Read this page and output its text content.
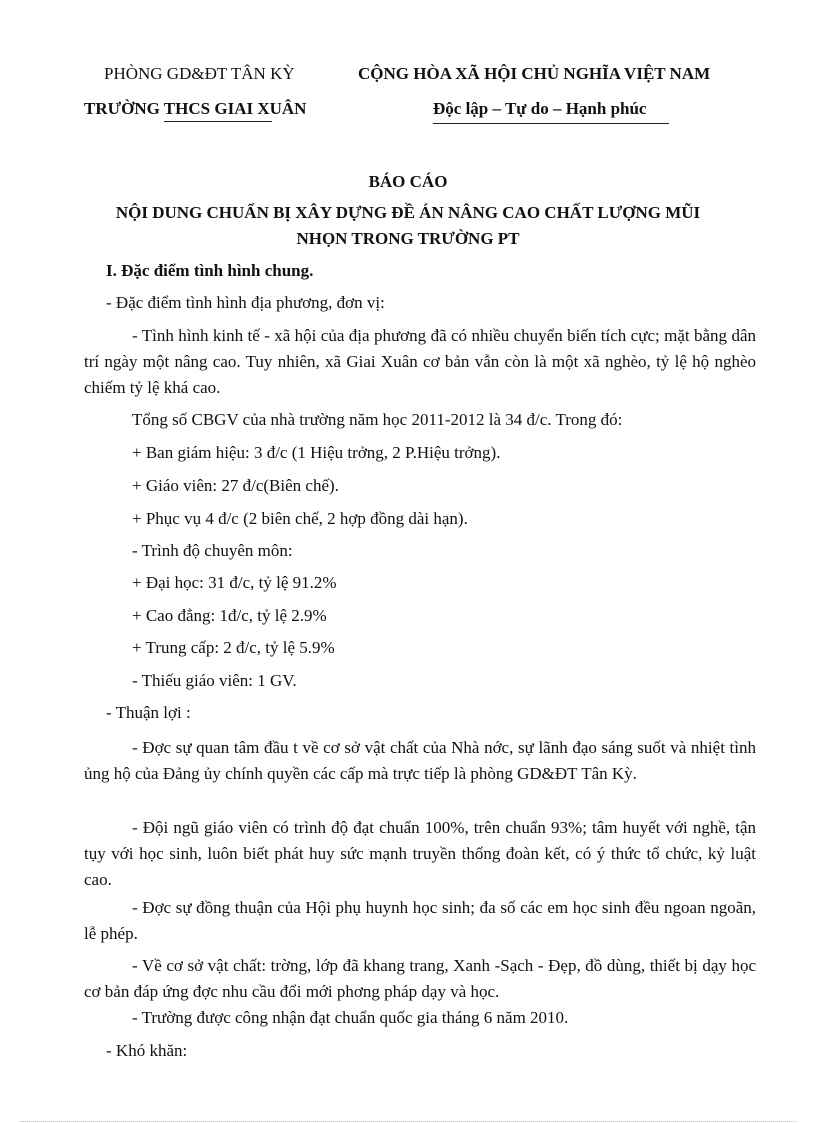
PHÒNG GD&ĐT TÂN KỲ
TRƯỜNG THCS GIAI XUÂN
CỘNG HÒA XÃ HỘI CHỦ NGHĨA VIỆT NAM
Độc lập – Tự do – Hạnh phúc
BÁO CÁO
NỘI DUNG CHUẨN BỊ XÂY DỰNG ĐỀ ÁN NÂNG CAO CHẤT LƯỢNG MŨI
NHỌN TRONG TRƯỜNG PT
I. Đặc điểm tình hình chung.
- Đặc điểm tình hình địa phương, đơn vị:
- Tình hình kinh tế - xã hội của địa phương đã có nhiều chuyển biến tích cực; mặt bằng dân trí ngày một nâng cao. Tuy nhiên, xã Giai Xuân cơ bản vẫn còn là một xã nghèo, tỷ lệ hộ nghèo chiếm tỷ lệ khá cao.
Tổng số CBGV của nhà trường năm học 2011-2012 là 34 đ/c. Trong đó:
+ Ban giám hiệu: 3 đ/c (1 Hiệu trởng, 2 P.Hiệu trởng).
+ Giáo viên: 27 đ/c(Biên chế).
+ Phục vụ 4 đ/c (2 biên chế, 2 hợp đồng dài hạn).
- Trình độ chuyên môn:
+ Đại học: 31 đ/c, tỷ lệ 91.2%
+ Cao đẳng: 1đ/c, tỷ lệ 2.9%
+ Trung cấp: 2 đ/c, tỷ lệ 5.9%
- Thiếu giáo viên: 1 GV.
- Thuận lợi :
- Đợc sự quan tâm đầu t về cơ sở vật chất của Nhà nớc, sự lãnh đạo sáng suốt và nhiệt tình ủng hộ của Đảng ủy chính quyền các cấp mà trực tiếp là phòng GD&ĐT Tân Kỳ.
- Đội ngũ giáo viên có trình độ đạt chuẩn 100%, trên chuẩn 93%; tâm huyết với nghề, tận tụy với học sinh, luôn biết phát huy sức mạnh truyền thống đoàn kết, có ý thức tổ chức, kỷ luật cao.
- Đợc sự đồng thuận của Hội phụ huynh học sinh; đa số các em học sinh đều ngoan ngoãn, lễ phép.
- Về cơ sở vật chất: trờng, lớp đã khang trang, Xanh -Sạch - Đẹp, đồ dùng, thiết bị dạy học cơ bản đáp ứng đợc nhu cầu đổi mới phơng pháp dạy và học.
- Trường được công nhận đạt chuẩn quốc gia tháng 6 năm 2010.
- Khó khăn:
